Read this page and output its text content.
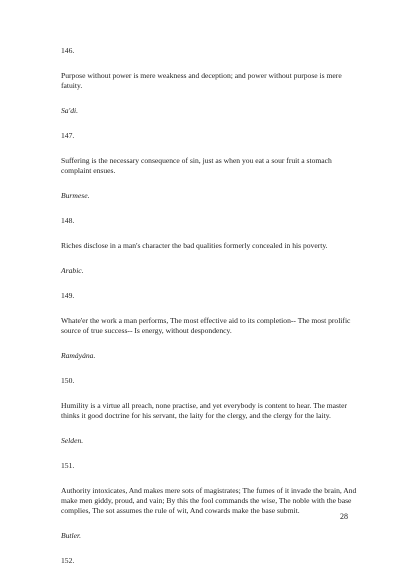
146.
Purpose without power is mere weakness and deception; and power without purpose is mere fatuity.
Sa'di.
147.
Suffering is the necessary consequence of sin, just as when you eat a sour fruit a stomach complaint ensues.
Burmese.
148.
Riches disclose in a man's character the bad qualities formerly concealed in his poverty.
Arabic.
149.
Whate'er the work a man performs, The most effective aid to its completion-- The most prolific source of true success-- Is energy, without despondency.
Ramáyána.
150.
Humility is a virtue all preach, none practise, and yet everybody is content to hear. The master thinks it good doctrine for his servant, the laity for the clergy, and the clergy for the laity.
Selden.
151.
Authority intoxicates, And makes mere sots of magistrates; The fumes of it invade the brain, And make men giddy, proud, and vain; By this the fool commands the wise, The noble with the base complies, The sot assumes the rule of wit, And cowards make the base submit.
Butler.
152.
28
